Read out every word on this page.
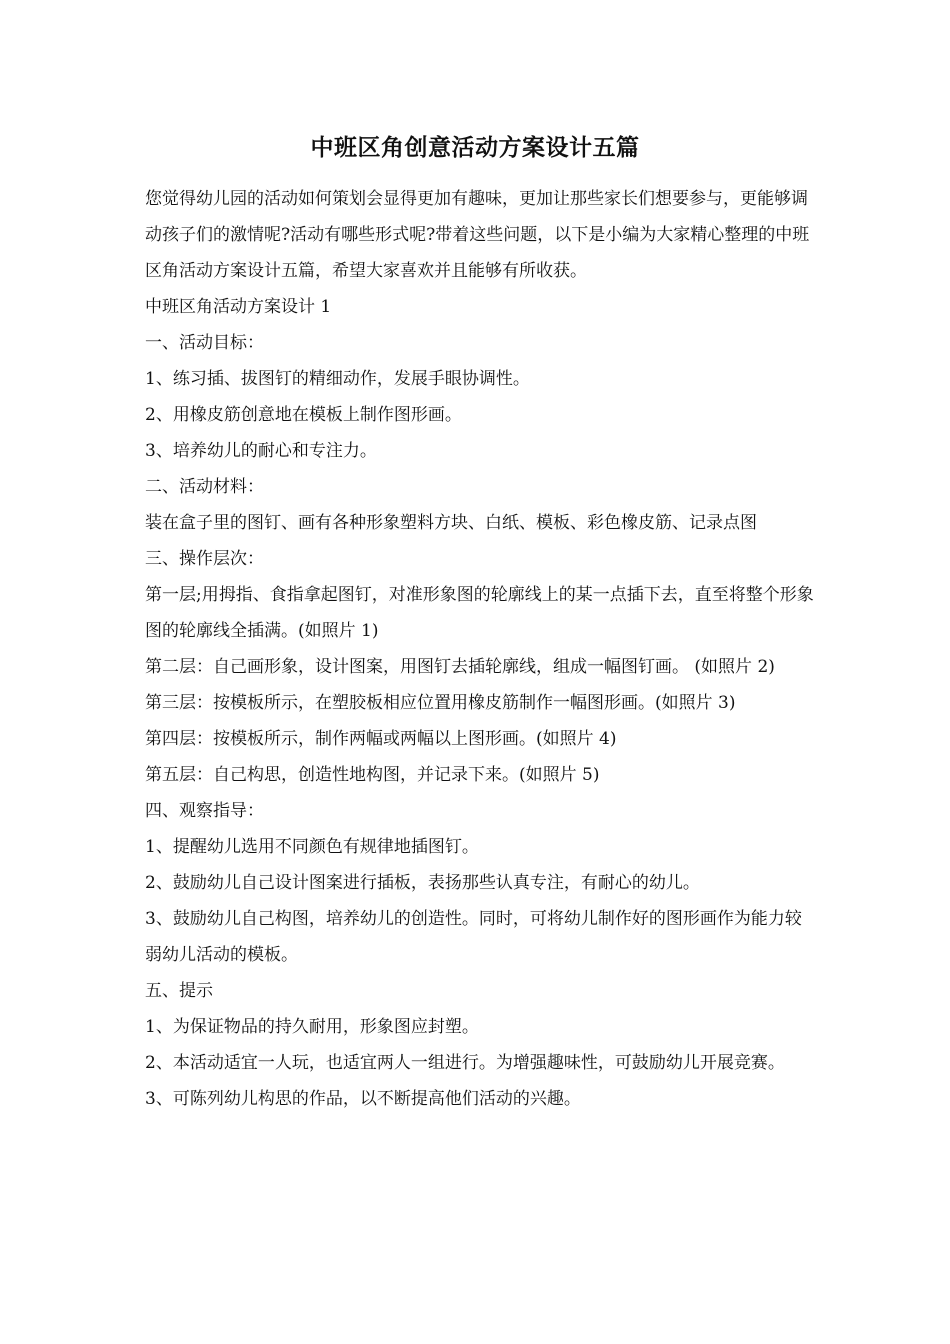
中班区角创意活动方案设计五篇

您觉得幼儿园的活动如何策划会显得更加有趣味，更加让那些家长们想要参与，更能够调动孩子们的激情呢?活动有哪些形式呢?带着这些问题，以下是小编为大家精心整理的中班区角活动方案设计五篇，希望大家喜欢并且能够有所收获。

中班区角活动方案设计 1

一、活动目标：

1、练习插、拔图钉的精细动作，发展手眼协调性。

2、用橡皮筋创意地在模板上制作图形画。

3、培养幼儿的耐心和专注力。

二、活动材料：

装在盒子里的图钉、画有各种形象塑料方块、白纸、模板、彩色橡皮筋、记录点图

三、操作层次：

第一层;用拇指、食指拿起图钉，对准形象图的轮廓线上的某一点插下去，直至将整个形象图的轮廓线全插满。(如照片 1)

第二层：自己画形象，设计图案，用图钉去插轮廓线，组成一幅图钉画。 (如照片 2)

第三层：按模板所示，在塑胶板相应位置用橡皮筋制作一幅图形画。(如照片 3)

第四层：按模板所示，制作两幅或两幅以上图形画。(如照片 4)

第五层：自己构思，创造性地构图，并记录下来。(如照片 5)

四、观察指导：

1、提醒幼儿选用不同颜色有规律地插图钉。

2、鼓励幼儿自己设计图案进行插板，表扬那些认真专注，有耐心的幼儿。

3、鼓励幼儿自己构图，培养幼儿的创造性。同时，可将幼儿制作好的图形画作为能力较弱幼儿活动的模板。

五、提示

1、为保证物品的持久耐用，形象图应封塑。

2、本活动适宜一人玩，也适宜两人一组进行。为增强趣味性，可鼓励幼儿开展竞赛。

3、可陈列幼儿构思的作品，以不断提高他们活动的兴趣。
